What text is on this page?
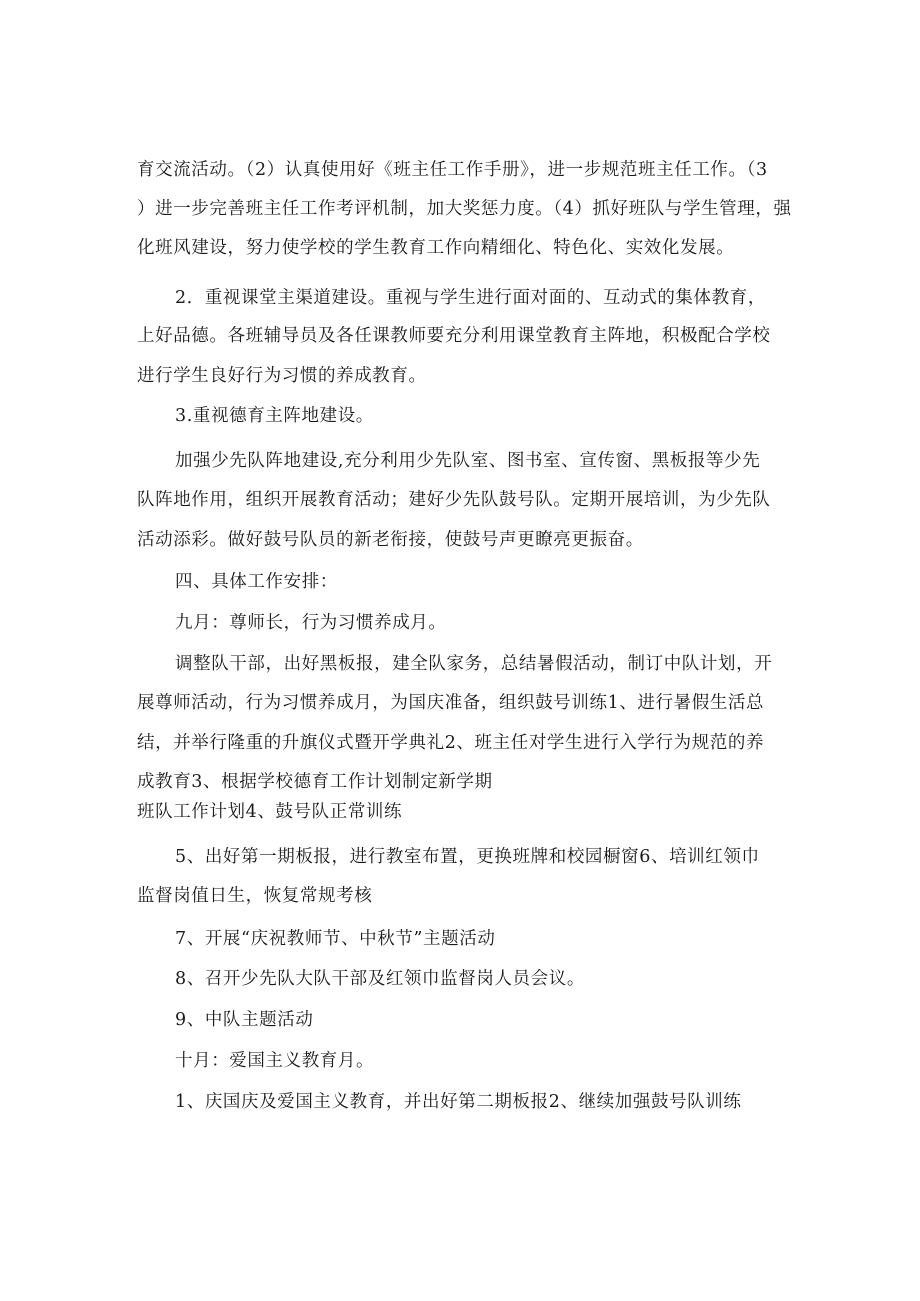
育交流活动。（2）认真使用好《班主任工作手册》，进一步规范班主任工作。（3
）进一步完善班主任工作考评机制，加大奖惩力度。（4）抓好班队与学生管理，强
化班风建设，努力使学校的学生教育工作向精细化、特色化、实效化发展。
2．重视课堂主渠道建设。重视与学生进行面对面的、互动式的集体教育，
上好品德。各班辅导员及各任课教师要充分利用课堂教育主阵地，积极配合学校
进行学生良好行为习惯的养成教育。
3.重视德育主阵地建设。
加强少先队阵地建设,充分利用少先队室、图书室、宣传窗、黑板报等少先
队阵地作用，组织开展教育活动；建好少先队鼓号队。定期开展培训，为少先队
活动添彩。做好鼓号队员的新老衔接，使鼓号声更瞭亮更振奋。
四、具体工作安排：
九月：尊师长，行为习惯养成月。
调整队干部，出好黑板报，建全队家务，总结暑假活动，制订中队计划，开
展尊师活动，行为习惯养成月，为国庆准备，组织鼓号训练1、进行暑假生活总
结，并举行隆重的升旗仪式暨开学典礼2、班主任对学生进行入学行为规范的养
成教育3、根据学校德育工作计划制定新学期
班队工作计划4、鼓号队正常训练
5、出好第一期板报，进行教室布置，更换班牌和校园橱窗6、培训红领巾
监督岗值日生，恢复常规考核
7、开展“庆祝教师节、中秋节”主题活动
8、召开少先队大队干部及红领巾监督岗人员会议。
9、中队主题活动
十月：爱国主义教育月。
1、庆国庆及爱国主义教育，并出好第二期板报2、继续加强鼓号队训练
